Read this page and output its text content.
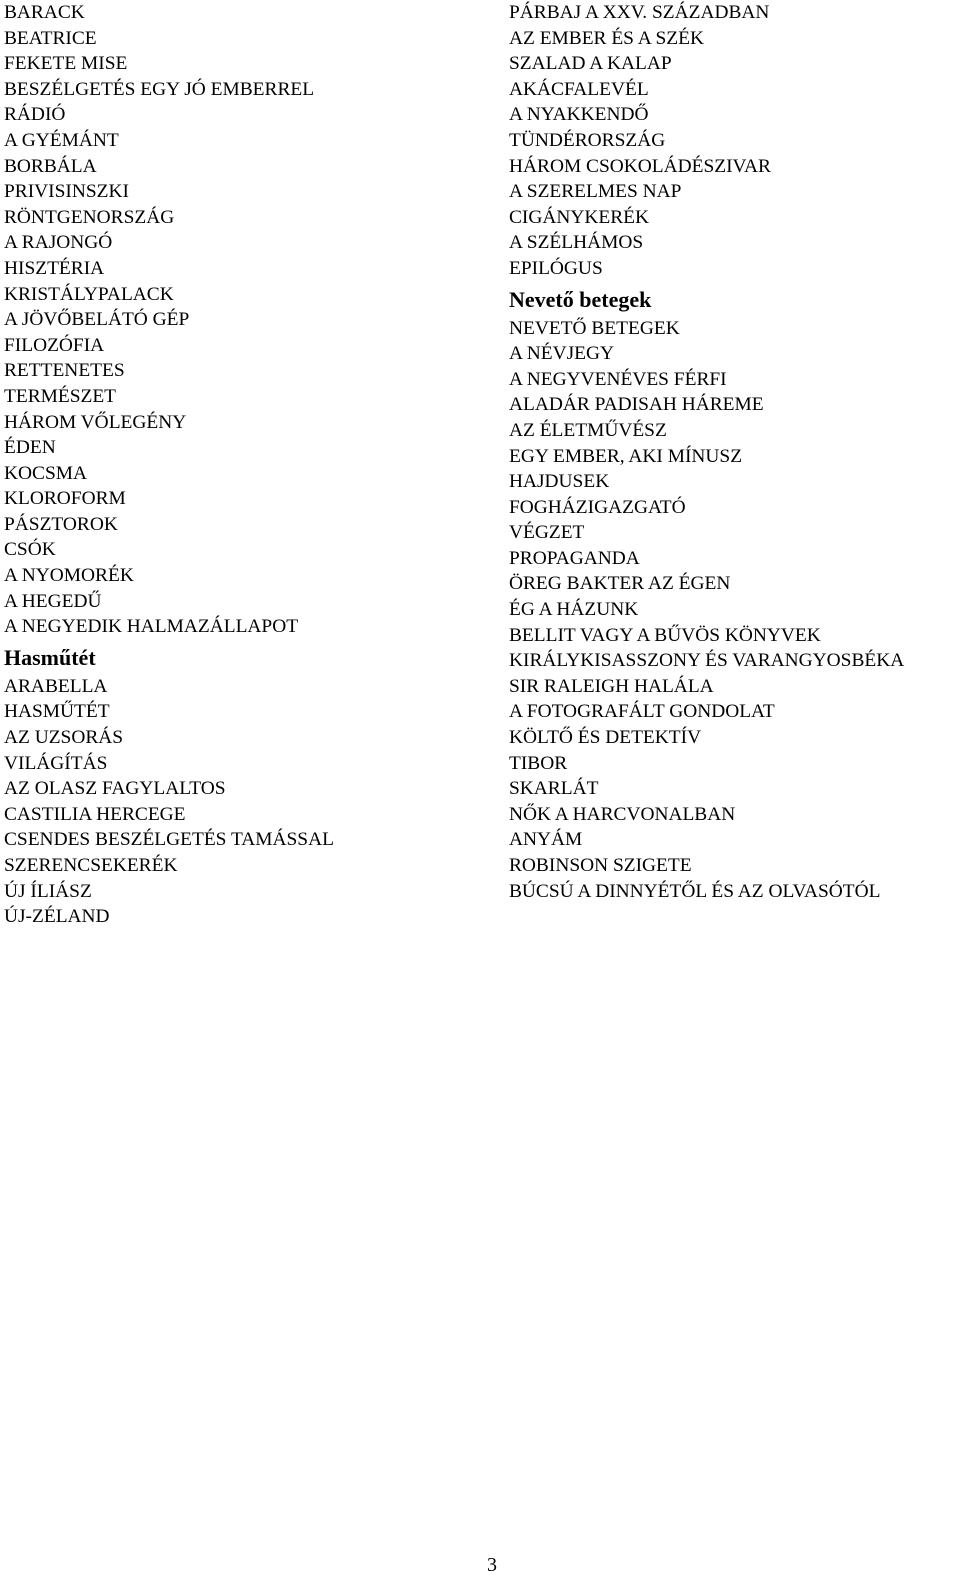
BARACK
BEATRICE
FEKETE MISE
BESZÉLGETÉS EGY JÓ EMBERREL
RÁDIÓ
A GYÉMÁNT
BORBÁLA
PRIVISINSZKI
RÖNTGENORSZÁG
A RAJONGÓ
HISZTÉRIA
KRISTÁLYPALACK
A JÖVŐBELÁTÓ GÉP
FILOZÓFIA
RETTENETES
TERMÉSZET
HÁROM VŐLEGÉNY
ÉDEN
KOCSMA
KLOROFORM
PÁSZTOROK
CSÓK
A NYOMORÉK
A HEGEDŰ
A NEGYEDIK HALMAZÁLLAPOT
Hasműtét
ARABELLA
HASMŰTÉT
AZ UZSORÁS
VILÁGÍTÁS
AZ OLASZ FAGYLALTOS
CASTILIA HERCEGE
CSENDES BESZÉLGETÉS TAMÁSSAL
SZERENCSEKERÉK
ÚJ ÍLIÁSZ
ÚJ-ZÉLAND
PÁRBAJ A XXV. SZÁZADBAN
AZ EMBER ÉS A SZÉK
SZALAD A KALAP
AKÁCFALEVÉL
A NYAKKENDŐ
TÜNDÉRORSZÁG
HÁROM CSOKOLÁDÉSZIVAR
A SZERELMES NAP
CIGÁNYKERÉK
A SZÉLHÁMOS
EPILÓGUS
Nevető betegek
NEVETŐ BETEGEK
A NÉVJEGY
A NEGYVENÉVES FÉRFI
ALADÁR PADISAH HÁREME
AZ ÉLETMŰVÉSZ
EGY EMBER, AKI MÍNUSZ
HAJDUSEK
FOGHÁZIGAZGATÓ
VÉGZET
PROPAGANDA
ÖREG BAKTER AZ ÉGEN
ÉG A HÁZUNK
BELLIT VAGY A BŰVÖS KÖNYVEK
KIRÁLYKISASSZONY ÉS VARANGYOSBÉKA
SIR RALEIGH HALÁLA
A FOTOGRAFÁLT GONDOLAT
KÖLTŐ ÉS DETEKTÍV
TIBOR
SKARLÁT
NŐK A HARCVONALBAN
ANYÁM
ROBINSON SZIGETE
BÚCSÚ A DINNYÉTŐL ÉS AZ OLVASÓTÓL
3
